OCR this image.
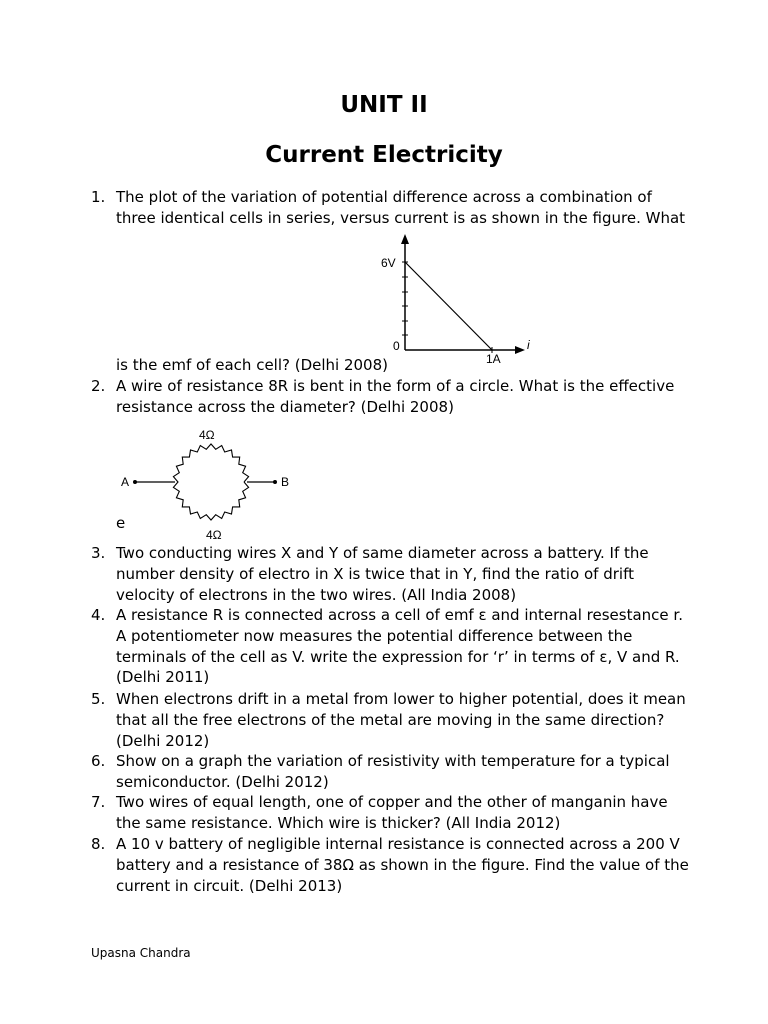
UNIT II
Current Electricity
1. The plot of the variation of potential difference across a combination of three identical cells in series, versus current is as shown in the figure. What
6V
0
1A
i
is the emf of each cell? (Delhi 2008)
2. A wire of resistance 8R is bent in the form of a circle. What is the effective resistance across the diameter? (Delhi 2008)
A	B
4Ω
4Ω
e
3. Two conducting wires X and Y of same diameter across a battery. If the number density of electro in X is twice that in Y, find the ratio of drift velocity of electrons in the two wires. (All India 2008)
4. A resistance R is connected across a cell of emf ε and internal resestance r. A potentiometer now measures the potential difference between the terminals of the cell as V. write the expression for ‘r’ in terms of ε, V and R. (Delhi 2011)
5. When electrons drift in a metal from lower to higher potential, does it mean that all the free electrons of the metal are moving in the same direction? (Delhi 2012)
6. Show on a graph the variation of resistivity with temperature for a typical semiconductor. (Delhi 2012)
7. Two wires of equal length, one of copper and the other of manganin have the same resistance. Which wire is thicker? (All India 2012)
8. A 10 v battery of negligible internal resistance is connected across a 200 V battery and a resistance of 38Ω as shown in the figure. Find the value of the current in circuit. (Delhi 2013)
Upasna Chandra
